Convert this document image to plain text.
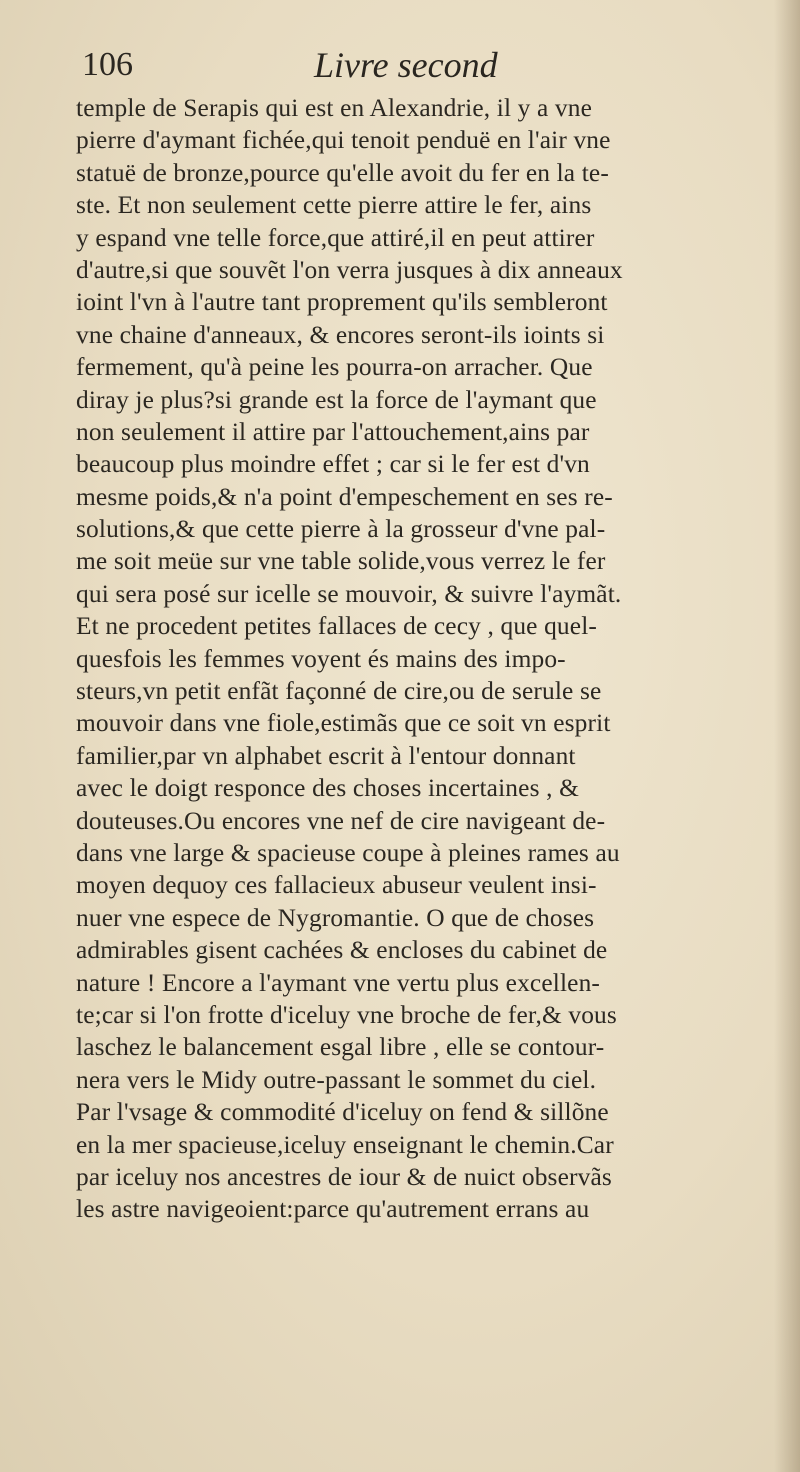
106	Livre second
temple de Serapis qui est en Alexandrie, il y a vne
pierre d'aymant fichée,qui tenoit penduë en l'air vne
statuë de bronze,pource qu'elle avoit du fer en la te-
ste. Et non seulement cette pierre attire le fer, ains
y espand vne telle force,que attiré,il en peut attirer
d'autre,si que souvẽt l'on verra jusques à dix anneaux
ioint l'vn à l'autre tant proprement qu'ils sembleront
vne chaine d'anneaux, & encores seront-ils ioints si
fermement, qu'à peine les pourra-on arracher. Que
diray je plus?si grande est la force de l'aymant que
non seulement il attire par l'attouchement,ains par
beaucoup plus moindre effet ; car si le fer est d'vn
mesme poids,& n'a point d'empeschement en ses re-
solutions,& que cette pierre à la grosseur d'vne pal-
me soit meüe sur vne table solide,vous verrez le fer
qui sera posé sur icelle se mouvoir, & suivre l'aymãt.
Et ne procedent petites fallaces de cecy , que quel-
quesfois les femmes voyent és mains des impo-
steurs,vn petit enfãt façonné de cire,ou de serule se
mouvoir dans vne fiole,estimãs que ce soit vn esprit
familier,par vn alphabet escrit à l'entour donnant
avec le doigt responce des choses incertaines , &
douteuses.Ou encores vne nef de cire navigeant de-
dans vne large & spacieuse coupe à pleines rames au
moyen dequoy ces fallacieux abuseur veulent insi-
nuer vne espece de Nygromantie. O que de choses
admirables gisent cachées & encloses du cabinet de
nature ! Encore a l'aymant vne vertu plus excellen-
te;car si l'on frotte d'iceluy vne broche de fer,& vous
laschez le balancement esgal libre , elle se contour-
nera vers le Midy outre-passant le sommet du ciel.
Par l'vsage & commodité d'iceluy on fend & sillõne
en la mer spacieuse,iceluy enseignant le chemin.Car
par iceluy nos ancestres de iour & de nuict observãs
les astre navigeoient:parce qu'autrement errans au
